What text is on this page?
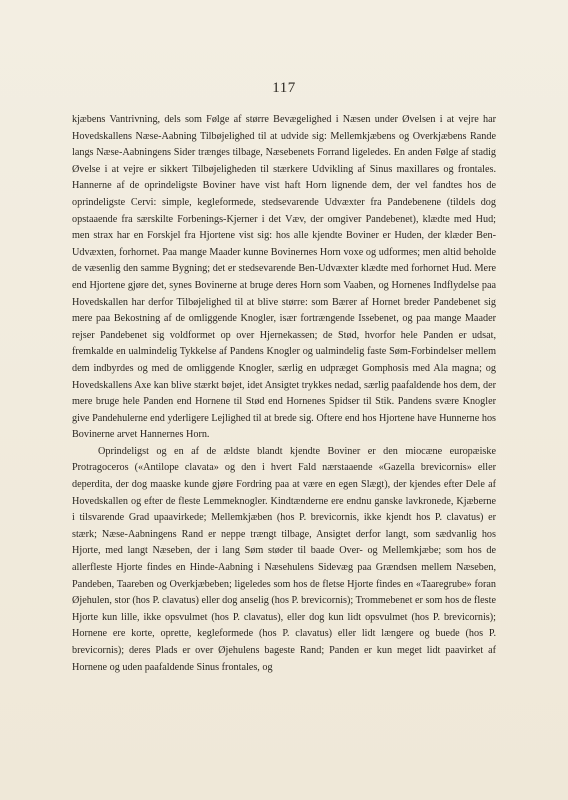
117

kjæbens Vantrivning, dels som Følge af større Bevægelighed i Næsen under Øvelsen i at vejre har Hovedskallens Næse-Aabning Tilbøjelighed til at udvide sig: Mellemkjæbens og Overkjæbens Rande langs Næse-Aabningens Sider trænges tilbage, Næsebenets Forrand ligeledes. En anden Følge af stadig Øvelse i at vejre er sikkert Tilbøjeligheden til stærkere Udvikling af Sinus maxillares og frontales. Hannerne af de oprindeligste Boviner have vist haft Horn lignende dem, der vel fandtes hos de oprindeligste Cervi: simple, kegleformede, stedsevarende Udvæxter fra Pandebenene (tildels dog opstaaende fra særskilte Forbenings-Kjerner i det Væv, der omgiver Pandebenet), klædte med Hud; men strax har en Forskjel fra Hjortene vist sig: hos alle kjendte Boviner er Huden, der klæder Ben-Udvæxten, forhornet. Paa mange Maader kunne Bovinernes Horn voxe og udformes; men altid beholde de væsenlig den samme Bygning; det er stedsevarende Ben-Udvæxter klædte med forhornet Hud. Mere end Hjortene gjøre det, synes Bovinerne at bruge deres Horn som Vaaben, og Hornenes Indflydelse paa Hovedskallen har derfor Tilbøjelighed til at blive større: som Bærer af Hornet breder Pandebenet sig mere paa Bekostning af de omliggende Knogler, især fortrængende Issebenet, og paa mange Maader rejser Pandebenet sig voldformet op over Hjernekassen; de Stød, hvorfor hele Panden er udsat, fremkalde en ualmindelig Tykkelse af Pandens Knogler og ualmindelig faste Søm-Forbindelser mellem dem indbyrdes og med de omliggende Knogler, særlig en udpræget Gomphosis med Ala magna; og Hovedskallens Axe kan blive stærkt bøjet, idet Ansigtet trykkes nedad, særlig paafaldende hos dem, der mere bruge hele Panden end Hornene til Stød end Hornenes Spidser til Stik. Pandens svære Knogler give Pandehulerne end yderligere Lejlighed til at brede sig. Oftere end hos Hjortene have Hunnerne hos Bovinerne arvet Hannernes Horn.

Oprindeligst og en af de ældste blandt kjendte Boviner er den miocæne europæiske Protragoceros («Antilope clavata» og den i hvert Fald nærstaaende «Gazella brevicornis» eller deperdita, der dog maaske kunde gjøre Fordring paa at være en egen Slægt), der kjendes efter Dele af Hovedskallen og efter de fleste Lemmeknogler. Kindtænderne ere endnu ganske lavkronede, Kjæberne i tilsvarende Grad upaavirkede; Mellemkjæben (hos P. brevicornis, ikke kjendt hos P. clavatus) er stærk; Næse-Aabningens Rand er neppe trængt tilbage, Ansigtet derfor langt, som sædvanlig hos Hjorte, med langt Næseben, der i lang Søm støder til baade Over- og Mellemkjæbe; som hos de allerfleste Hjorte findes en Hinde-Aabning i Næsehulens Sidevæg paa Grændsen mellem Næseben, Pandeben, Taareben og Overkjæbeben; ligeledes som hos de fletse Hjorte findes en «Taaregrube» foran Øjehulen, stor (hos P. clavatus) eller dog anselig (hos P. brevicornis); Trommebenet er som hos de fleste Hjorte kun lille, ikke opsvulmet (hos P. clavatus), eller dog kun lidt opsvulmet (hos P. brevicornis); Hornene ere korte, oprette, kegleformede (hos P. clavatus) eller lidt længere og buede (hos P. brevicornis); deres Plads er over Øjehulens bageste Rand; Panden er kun meget lidt paavirket af Hornene og uden paafaldende Sinus frontales, og
